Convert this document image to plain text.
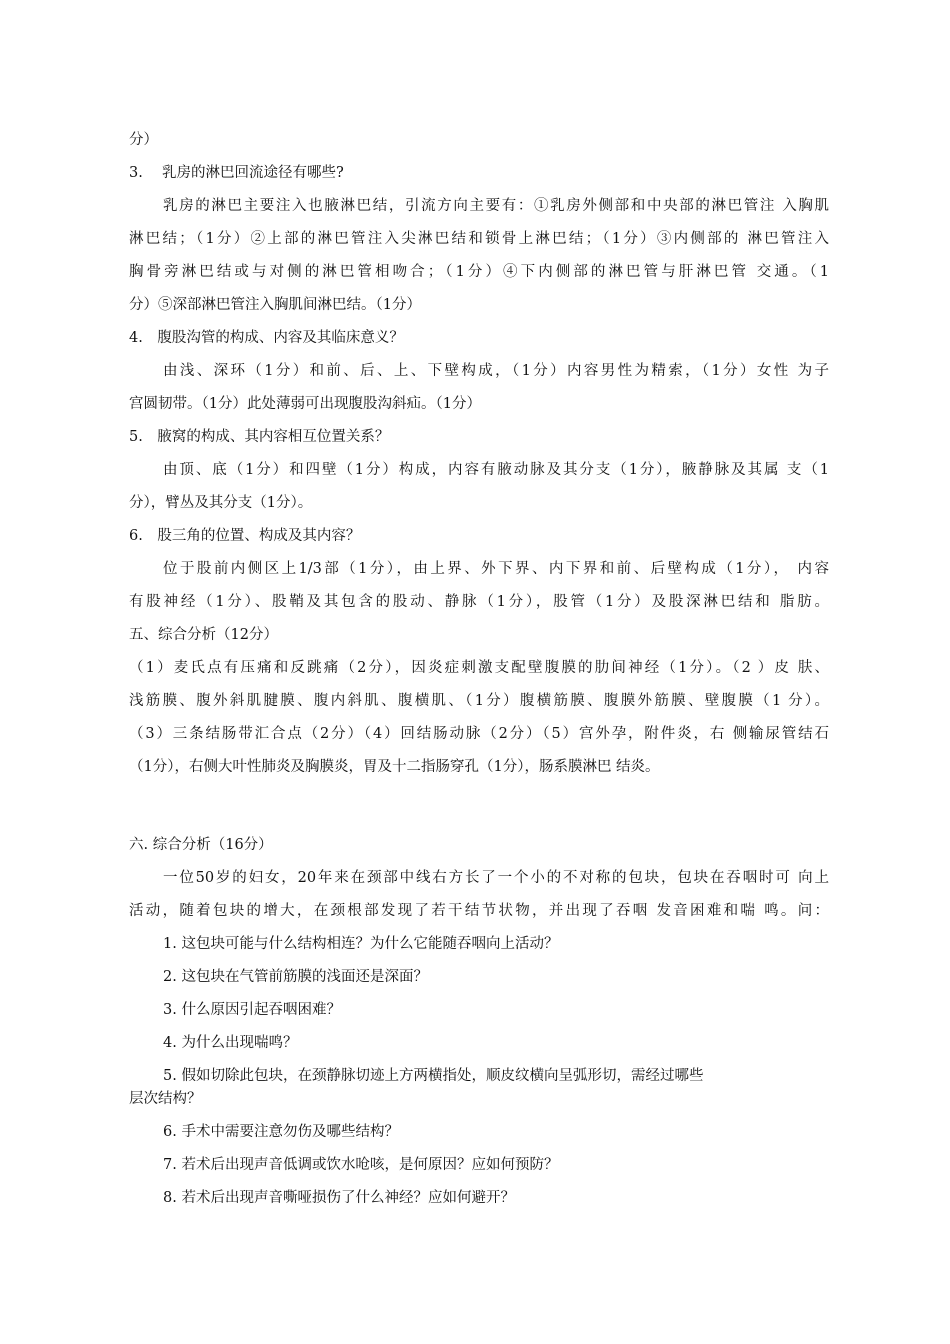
分）
3.　 乳房的淋巴回流途径有哪些?
乳房的淋巴主要注入也腋淋巴结，引流方向主要有：①乳房外侧部和中央部的淋巴管注 入胸肌
淋巴结；（1分）②上部的淋巴管注入尖淋巴结和锁骨上淋巴结；（1分）③内侧部的 淋巴管注入
胸骨旁淋巴结或与对侧的淋巴管相吻合；（1分）④下内侧部的淋巴管与肝淋巴管 交通。（1
分）⑤深部淋巴管注入胸肌间淋巴结。（1分）
4.　腹股沟管的构成、内容及其临床意义？
由浅、深环（1分）和前、后、上、下壁构成，（1分）内容男性为精索，（1分）女性 为子
宫圆韧带。（1分）此处薄弱可出现腹股沟斜疝。（1分）
5.　腋窝的构成、其内容相互位置关系？
由顶、底（1分）和四壁（1分）构成，内容有腋动脉及其分支（1分），腋静脉及其属 支（1
分），臂丛及其分支（1分）。
6.　股三角的位置、构成及其内容？
位于股前内侧区上1/3部（1分），由上界、外下界、内下界和前、后壁构成（1分）， 内容
有股神经（1分）、股鞘及其包含的股动、静脉（1分），股管（1分）及股深淋巴结和 脂肪。
五、综合分析（12分）
（1）麦氏点有压痛和反跳痛（2分），因炎症刺激支配壁腹膜的肋间神经（1分）。（2 ）皮 肤、
浅筋膜、腹外斜肌腱膜、腹内斜肌、腹横肌、（1分）腹横筋膜、腹膜外筋膜、壁腹膜（1 分）。
（3）三条结肠带汇合点（2分）（4）回结肠动脉（2分）（5）宫外孕，附件炎，右 侧输尿管结石
（1分），右侧大叶性肺炎及胸膜炎，胃及十二指肠穿孔（1分），肠系膜淋巴 结炎。
六. 综合分析（16分）
一位50岁的妇女，20年来在颈部中线右方长了一个小的不对称的包块，包块在吞咽时可 向上
活动，随着包块的增大，在颈根部发现了若干结节状物，并出现了吞咽 发音困难和喘 鸣。问：
1. 这包块可能与什么结构相连？为什么它能随吞咽向上活动？
2. 这包块在气管前筋膜的浅面还是深面？
3. 什么原因引起吞咽困难？
4. 为什么出现喘鸣？
5. 假如切除此包块，在颈静脉切迹上方两横指处，顺皮纹横向呈弧形切，需经过哪些
层次结构？
6. 手术中需要注意勿伤及哪些结构？
7. 若术后出现声音低调或饮水呛咳，是何原因？应如何预防？
8. 若术后出现声音嘶哑损伤了什么神经？应如何避开？
